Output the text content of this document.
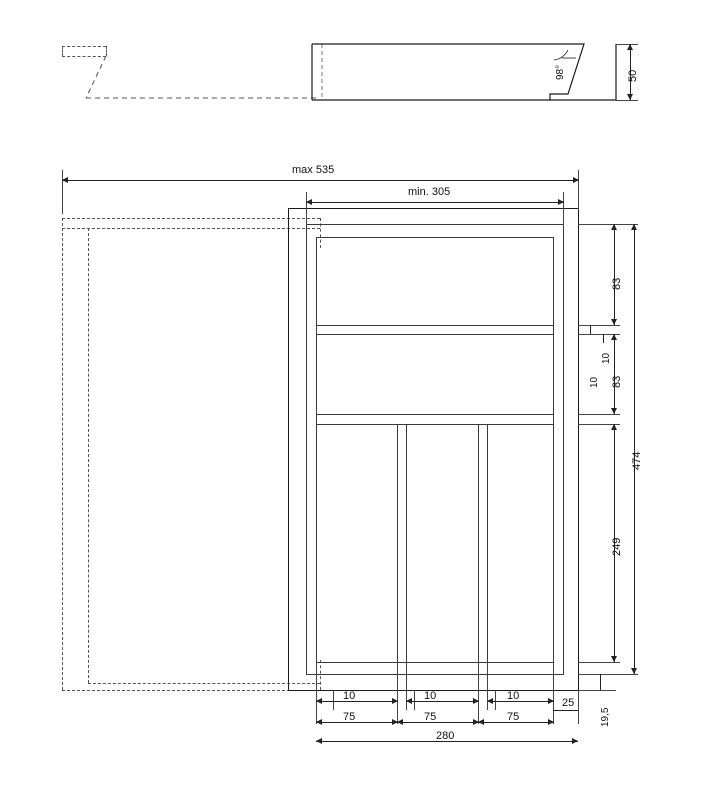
98°	50
max 535
min. 305
83
10
10
83
249
474
19,5
10	10	10
25
75	75	75
280
